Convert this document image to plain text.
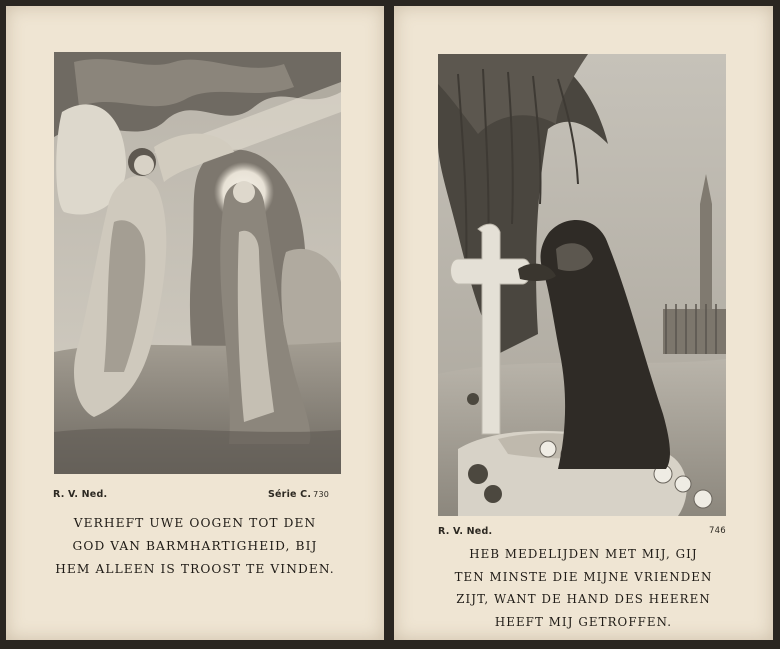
R. V. Ned.	Série C. 730
VERHEFT UWE OOGEN TOT DEN
GOD VAN BARMHARTIGHEID, BIJ
HEM ALLEEN IS TROOST TE VINDEN.
R. V. Ned.	746
HEB MEDELIJDEN MET MIJ, GIJ
TEN MINSTE DIE MIJNE VRIENDEN
ZIJT, WANT DE HAND DES HEEREN
HEEFT MIJ GETROFFEN.
